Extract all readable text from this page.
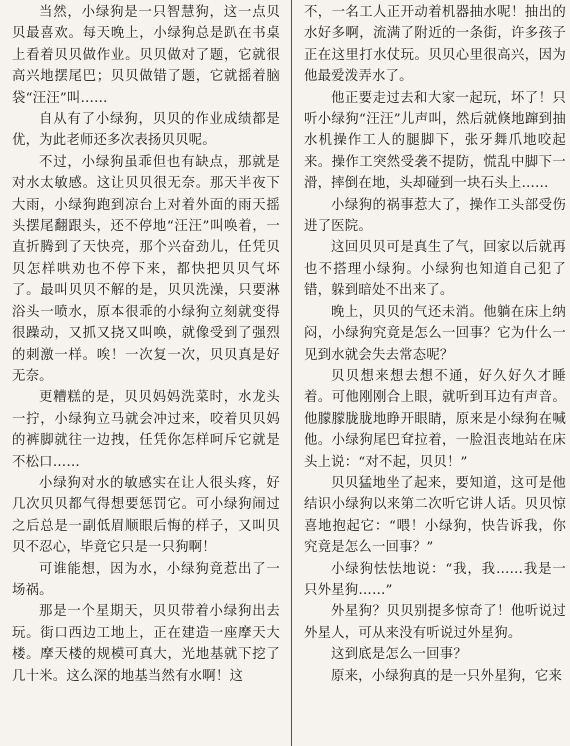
当然，小绿狗是一只智慧狗，这一点贝贝最喜欢。每天晚上，小绿狗总是趴在书桌上看着贝贝做作业。贝贝做对了题，它就很高兴地摆尾巴；贝贝做错了题，它就摇着脑袋“汪汪”叫……

自从有了小绿狗，贝贝的作业成绩都是优，为此老师还多次表扬贝贝呢。

不过，小绿狗虽乖但也有缺点，那就是对水太敏感。这让贝贝很无奈。那天半夜下大雨，小绿狗跑到凉台上对着外面的雨天摇头摆尾翻跟头，还不停地“汪汪”叫唤着，一直折腾到了天快亮，那个兴奋劲儿，任凭贝贝怎样哄劝也不停下来，都快把贝贝气坏了。最叫贝贝不解的是，贝贝洗澡，只要淋浴头一喷水，原本很乖的小绿狗立刻就变得很躁动，又抓又挠又叫唤，就像受到了强烈的刺激一样。唉！一次复一次，贝贝真是好无奈。

更糟糕的是，贝贝妈妈洗菜时，水龙头一拧，小绿狗立马就会冲过来，咬着贝贝妈的裤脚就往一边拽，任凭你怎样呵斥它就是不松口……

小绿狗对水的敏感实在让人很头疼，好几次贝贝都气得想要惩罚它。可小绿狗闹过之后总是一副低眉顺眼后悔的样子，又叫贝贝不忍心，毕竟它只是一只狗啊！

可谁能想，因为水，小绿狗竟惹出了一场祸。

那是一个星期天，贝贝带着小绿狗出去玩。街口西边工地上，正在建造一座摩天大楼。摩天楼的规模可真大，光地基就下挖了几十米。这么深的地基当然有水啊！这

不，一名工人正开动着机器抽水呢！抽出的水好多啊，流满了附近的一条街，许多孩子正在这里打水仗玩。贝贝心里很高兴，因为他最爱泼弄水了。

他正要走过去和大家一起玩，坏了！只听小绿狗“汪汪”儿声叫，然后就倏地蹿到抽水机操作工人的腿脚下，张牙舞爪地咬起来。操作工突然受袭不提防，慌乱中脚下一滑，摔倒在地，头却碰到一块石头上……

小绿狗的祸事惹大了，操作工头部受伤进了医院。

这回贝贝可是真生了气，回家以后就再也不搭理小绿狗。小绿狗也知道自己犯了错，躲到暗处不出来了。

晚上，贝贝的气还未消。他躺在床上纳闷，小绿狗究竟是怎么一回事？它为什么一见到水就会失去常态呢？

贝贝想来想去想不通，好久好久才睡着。可他刚刚合上眼，就听到耳边有声音。他朦朦胧胧地睁开眼睛，原来是小绿狗在喊他。小绿狗尾巴耷拉着，一脸沮丧地站在床头上说：“对不起，贝贝！”

贝贝猛地坐了起来，要知道，这可是他结识小绿狗以来第二次听它讲人话。贝贝惊喜地抱起它：“喂！小绿狗，快告诉我，你究竟是怎么一回事？”

小绿狗怯怯地说：“我，我……我是一只外星狗……”

外星狗？贝贝别提多惊奇了！他听说过外星人，可从来没有听说过外星狗。

这到底是怎么一回事？

原来，小绿狗真的是一只外星狗，它来
